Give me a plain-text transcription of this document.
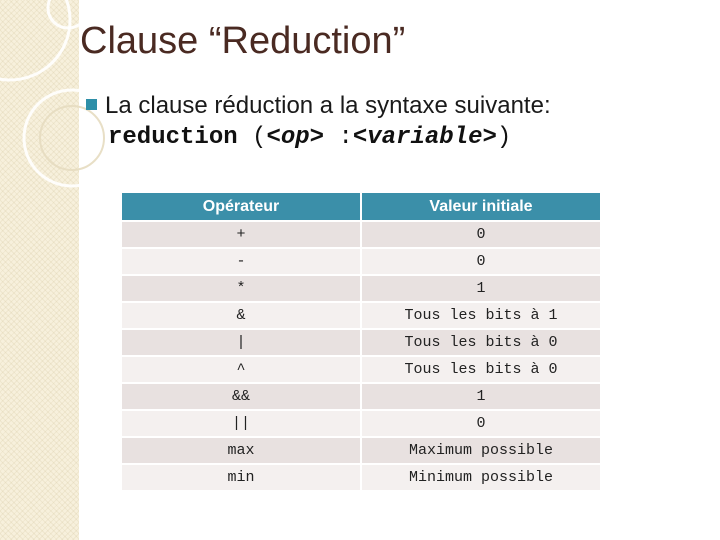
Clause “Reduction”
La clause réduction a la syntaxe suivante:
reduction (<op> :<variable>)
Opérateur	Valeur initiale
+	0
-	0
*	1
&	Tous les bits à 1
|	Tous les bits à 0
^	Tous les bits à 0
&&	1
||	0
max	Maximum possible
min	Minimum possible
